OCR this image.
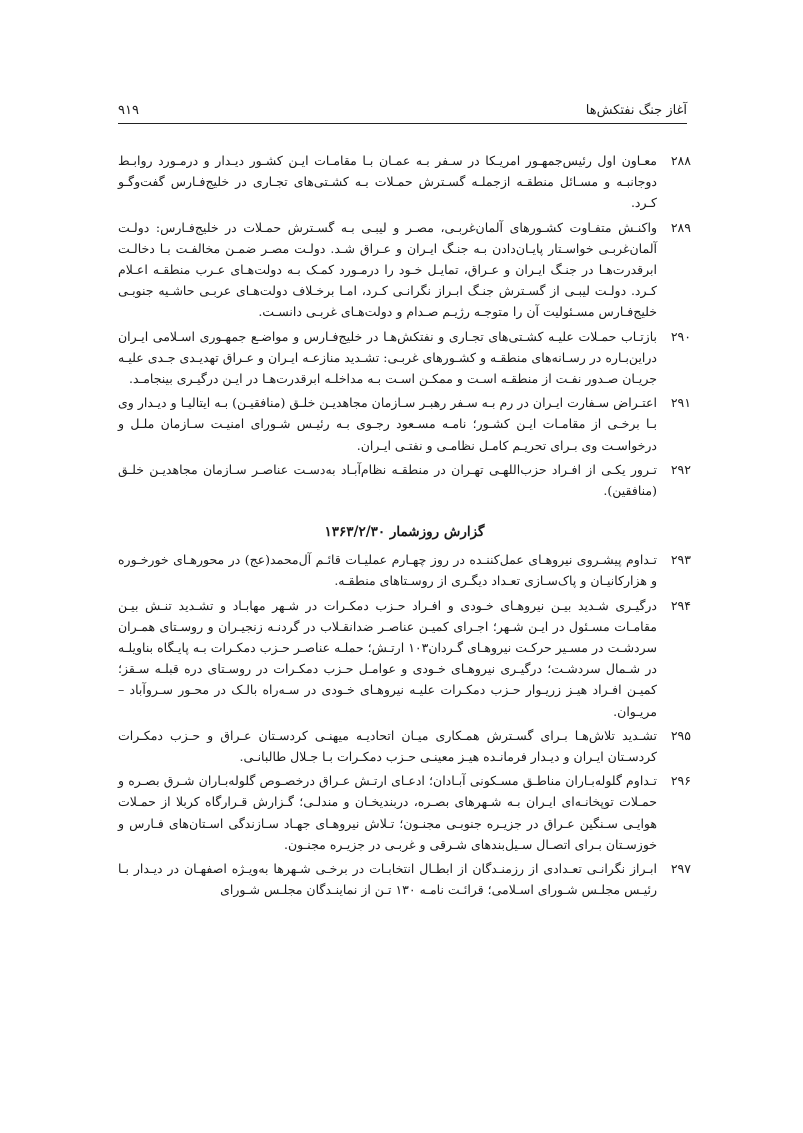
آغاز جنگ نفتکش‌ها
۹۱۹
۲۸۸
معـاون اول رئیس‌جمهـور امریـکا در سـفر بـه عمـان بـا مقامـات ایـن کشـور دیـدار و درمـورد روابـط دوجانبـه و مسـائل منطقـه ازجملـه گسـترش حمـلات بـه کشـتی‌های تجـاری در خلیج‌فـارس گفت‌وگـو کـرد.
۲۸۹
واکنـش متفـاوت کشـورهای آلمان‌غربـی، مصـر و لیبـی بـه گسـترش حمـلات در خلیج‌فـارس: دولـت آلمان‌غربـی خواسـتار پایـان‌دادن بـه جنـگ ایـران و عـراق شـد. دولـت مصـر ضمـن مخالفـت بـا دخالـت ابرقدرت‌هـا در جنـگ ایـران و عـراق، تمایـل خـود را درمـورد کمـک بـه دولت‌هـای عـرب منطقـه اعـلام کـرد. دولـت لیبـی از گسـترش جنـگ ابـراز نگرانـی کـرد، امـا برخـلاف دولت‌هـای عربـی حاشـیه جنوبـی خلیج‌فـارس مسـئولیت آن را متوجـه رژیـم صـدام و دولت‌هـای غربـی دانسـت.
۲۹۰
بازتـاب حمـلات علیـه کشـتی‌های تجـاری و نفتکش‌هـا در خلیج‌فـارس و مواضـع جمهـوری اسـلامی ایـران دراین‌بـاره در رسـانه‌های منطقـه و کشـورهای غربـی: تشـدید منازعـه ایـران و عـراق تهدیـدی جـدی علیـه جریـان صـدور نفـت از منطقـه اسـت و ممکـن اسـت بـه مداخلـه ابرقدرت‌هـا در ایـن درگیـری بینجامـد.
۲۹۱
اعتـراض سـفارت ایـران در رم بـه سـفر رهبـر سـازمان مجاهدیـن خلـق (منافقیـن) بـه ایتالیـا و دیـدار وی بـا برخـی از مقامـات ایـن کشـور؛ نامـه مسـعود رجـوی بـه رئیـس شـورای امنیـت سـازمان ملـل و درخواسـت وی بـرای تحریـم کامـل نظامـی و نفتـی ایـران.
۲۹۲
تـرور یکـی از افـراد حزب‌اللهـی تهـران در منطقـه نظام‌آبـاد به‌دسـت عناصـر سـازمان مجاهدیـن خلـق (منافقین).
گزارش روزشمار ۱۳۶۳/۲/۳۰
۲۹۳
تـداوم پیشـروی نیروهـای عمل‌کننـده در روز چهـارم عملیـات قائـم آل‌محمد(عج) در محورهـای خورخـوره و هزارکانیـان و پاک‌سـازی تعـداد دیگـری از روسـتاهای منطقـه.
۲۹۴
درگیـری شـدید بیـن نیروهـای خـودی و افـراد حـزب دمکـرات در شـهر مهابـاد و تشـدید تنـش بیـن مقامـات مسـئول در ایـن شـهر؛ اجـرای کمیـن عناصـر ضدانقـلاب در گردنـه زنجیـران و روسـتای همـران سردشـت در مسـیر حرکـت نیروهـای گـردان۱۰۳ ارتـش؛ حملـه عناصـر حـزب دمکـرات بـه پایـگاه بناویلـه در شـمال سردشـت؛ درگیـری نیروهـای خـودی و عوامـل حـزب دمکـرات در روسـتای دره قبلـه سـقز؛ کمیـن افـراد هیـز زریـوار حـزب دمکـرات علیـه نیروهـای خـودی در سـه‌راه بالـک در محـور سـروآباد – مریـوان.
۲۹۵
تشـدید تلاش‌هـا بـرای گسـترش همـکاری میـان اتحادیـه میهنـی کردسـتان عـراق و حـزب دمکـرات کردسـتان ایـران و دیـدار فرمانـده هیـز معینـی حـزب دمکـرات بـا جـلال طالبانـی.
۲۹۶
تـداوم گلوله‌بـاران مناطـق مسـکونی آبـادان؛ ادعـای ارتـش عـراق درخصـوص گلوله‌بـاران شـرق بصـره و حمـلات توپخانـه‌ای ایـران بـه شـهرهای بصـره، دربندیخـان و مندلـی؛ گـزارش قـرارگاه کربلا از حمـلات هوایـی سـنگین عـراق در جزیـره جنوبـی مجنـون؛ تـلاش نیروهـای جهـاد سـازندگی اسـتان‌های فـارس و خوزسـتان بـرای اتصـال سـیل‌بندهای شـرقی و غربـی در جزیـره مجنـون.
۲۹۷
ابـراز نگرانـی تعـدادی از رزمنـدگان از ابطـال انتخابـات در برخـی شـهرها به‌ویـژه اصفهـان در دیـدار بـا رئیـس مجلـس شـورای اسـلامی؛ قرائـت نامـه ۱۳۰ تـن از نماینـدگان مجلـس شـورای
